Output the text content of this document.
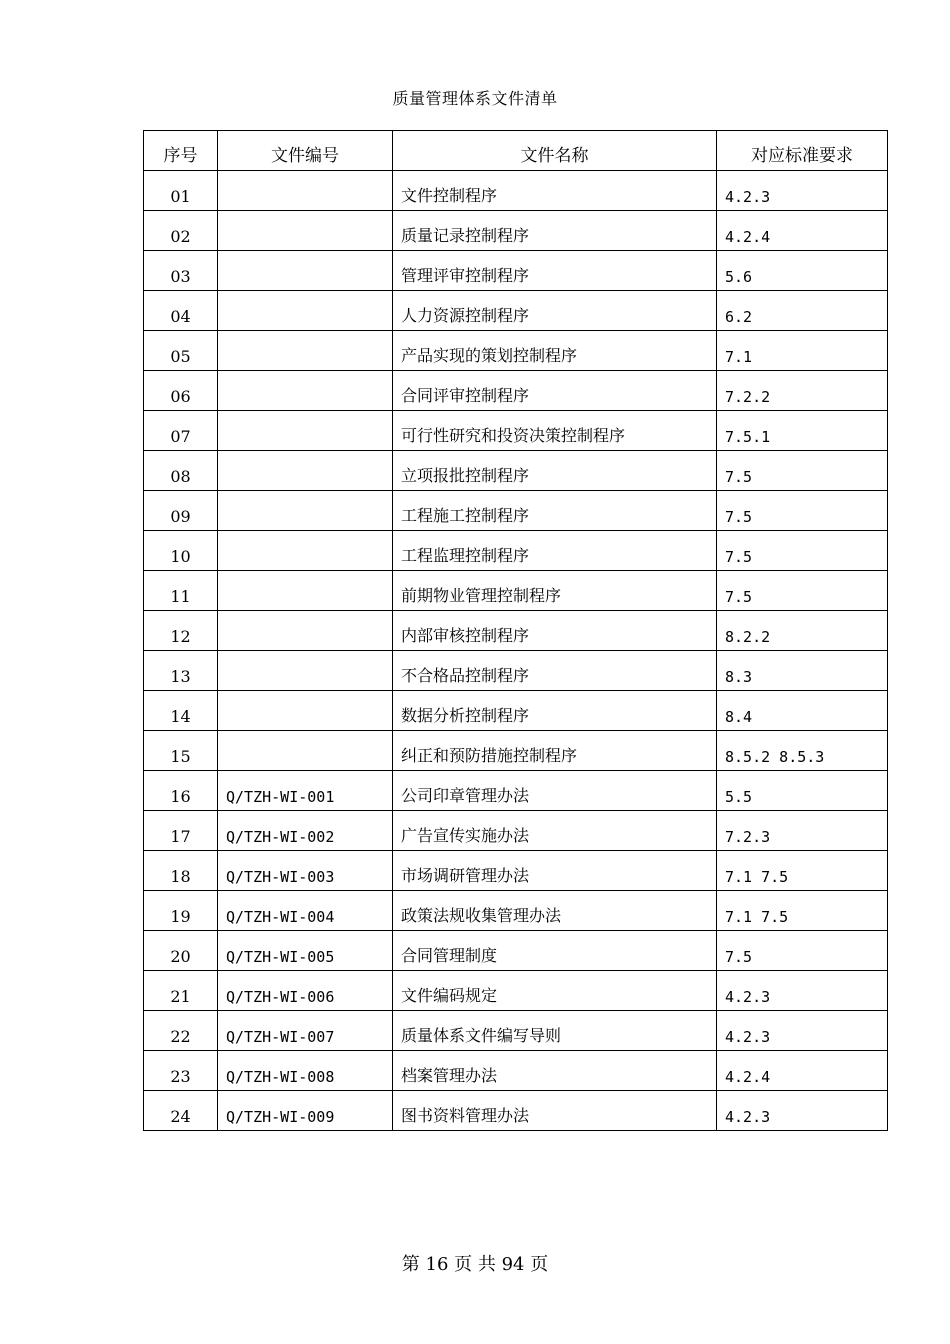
质量管理体系文件清单
序号	文件编号	文件名称	对应标准要求
01		文件控制程序	4.2.3
02		质量记录控制程序	4.2.4
03		管理评审控制程序	5.6
04		人力资源控制程序	6.2
05		产品实现的策划控制程序	7.1
06		合同评审控制程序	7.2.2
07		可行性研究和投资决策控制程序	7.5.1
08		立项报批控制程序	7.5
09		工程施工控制程序	7.5
10		工程监理控制程序	7.5
11		前期物业管理控制程序	7.5
12		内部审核控制程序	8.2.2
13		不合格品控制程序	8.3
14		数据分析控制程序	8.4
15		纠正和预防措施控制程序	8.5.2 8.5.3
16	Q/TZH-WI-001	公司印章管理办法	5.5
17	Q/TZH-WI-002	广告宣传实施办法	7.2.3
18	Q/TZH-WI-003	市场调研管理办法	7.1 7.5
19	Q/TZH-WI-004	政策法规收集管理办法	7.1 7.5
20	Q/TZH-WI-005	合同管理制度	7.5
21	Q/TZH-WI-006	文件编码规定	4.2.3
22	Q/TZH-WI-007	质量体系文件编写导则	4.2.3
23	Q/TZH-WI-008	档案管理办法	4.2.4
24	Q/TZH-WI-009	图书资料管理办法	4.2.3
第 16 页 共 94 页
